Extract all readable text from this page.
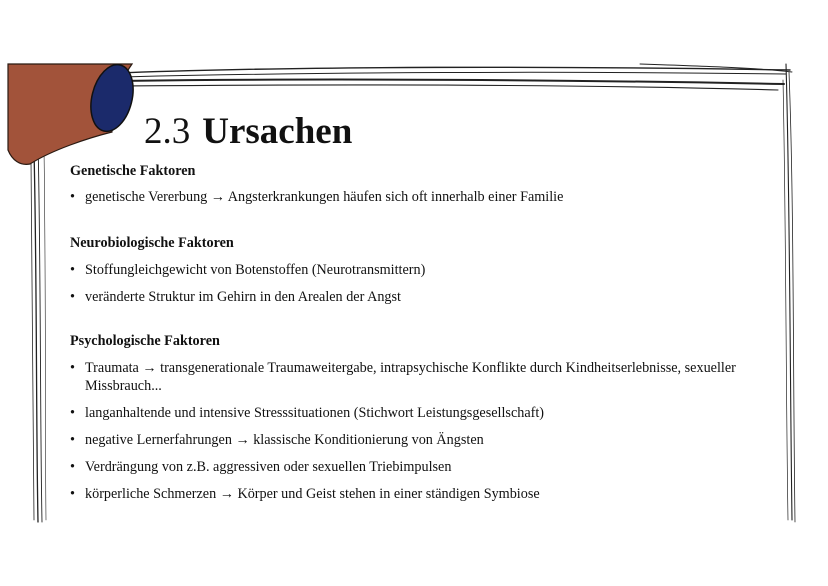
2.3 Ursachen
Genetische Faktoren
• genetische Vererbung → Angsterkrankungen häufen sich oft innerhalb einer Familie
Neurobiologische Faktoren
• Stoffungleichgewicht von Botenstoffen (Neurotransmittern)
• veränderte Struktur im Gehirn in den Arealen der Angst
Psychologische Faktoren
• Traumata → transgenerationale Traumaweitergabe, intrapsychische Konflikte durch Kindheitserlebnisse, sexueller Missbrauch...
• langanhaltende und intensive Stresssituationen (Stichwort Leistungsgesellschaft)
• negative Lernerfahrungen → klassische Konditionierung von Ängsten
• Verdrängung von z.B. aggressiven oder sexuellen Triebimpulsen
• körperliche Schmerzen → Körper und Geist stehen in einer ständigen Symbiose
